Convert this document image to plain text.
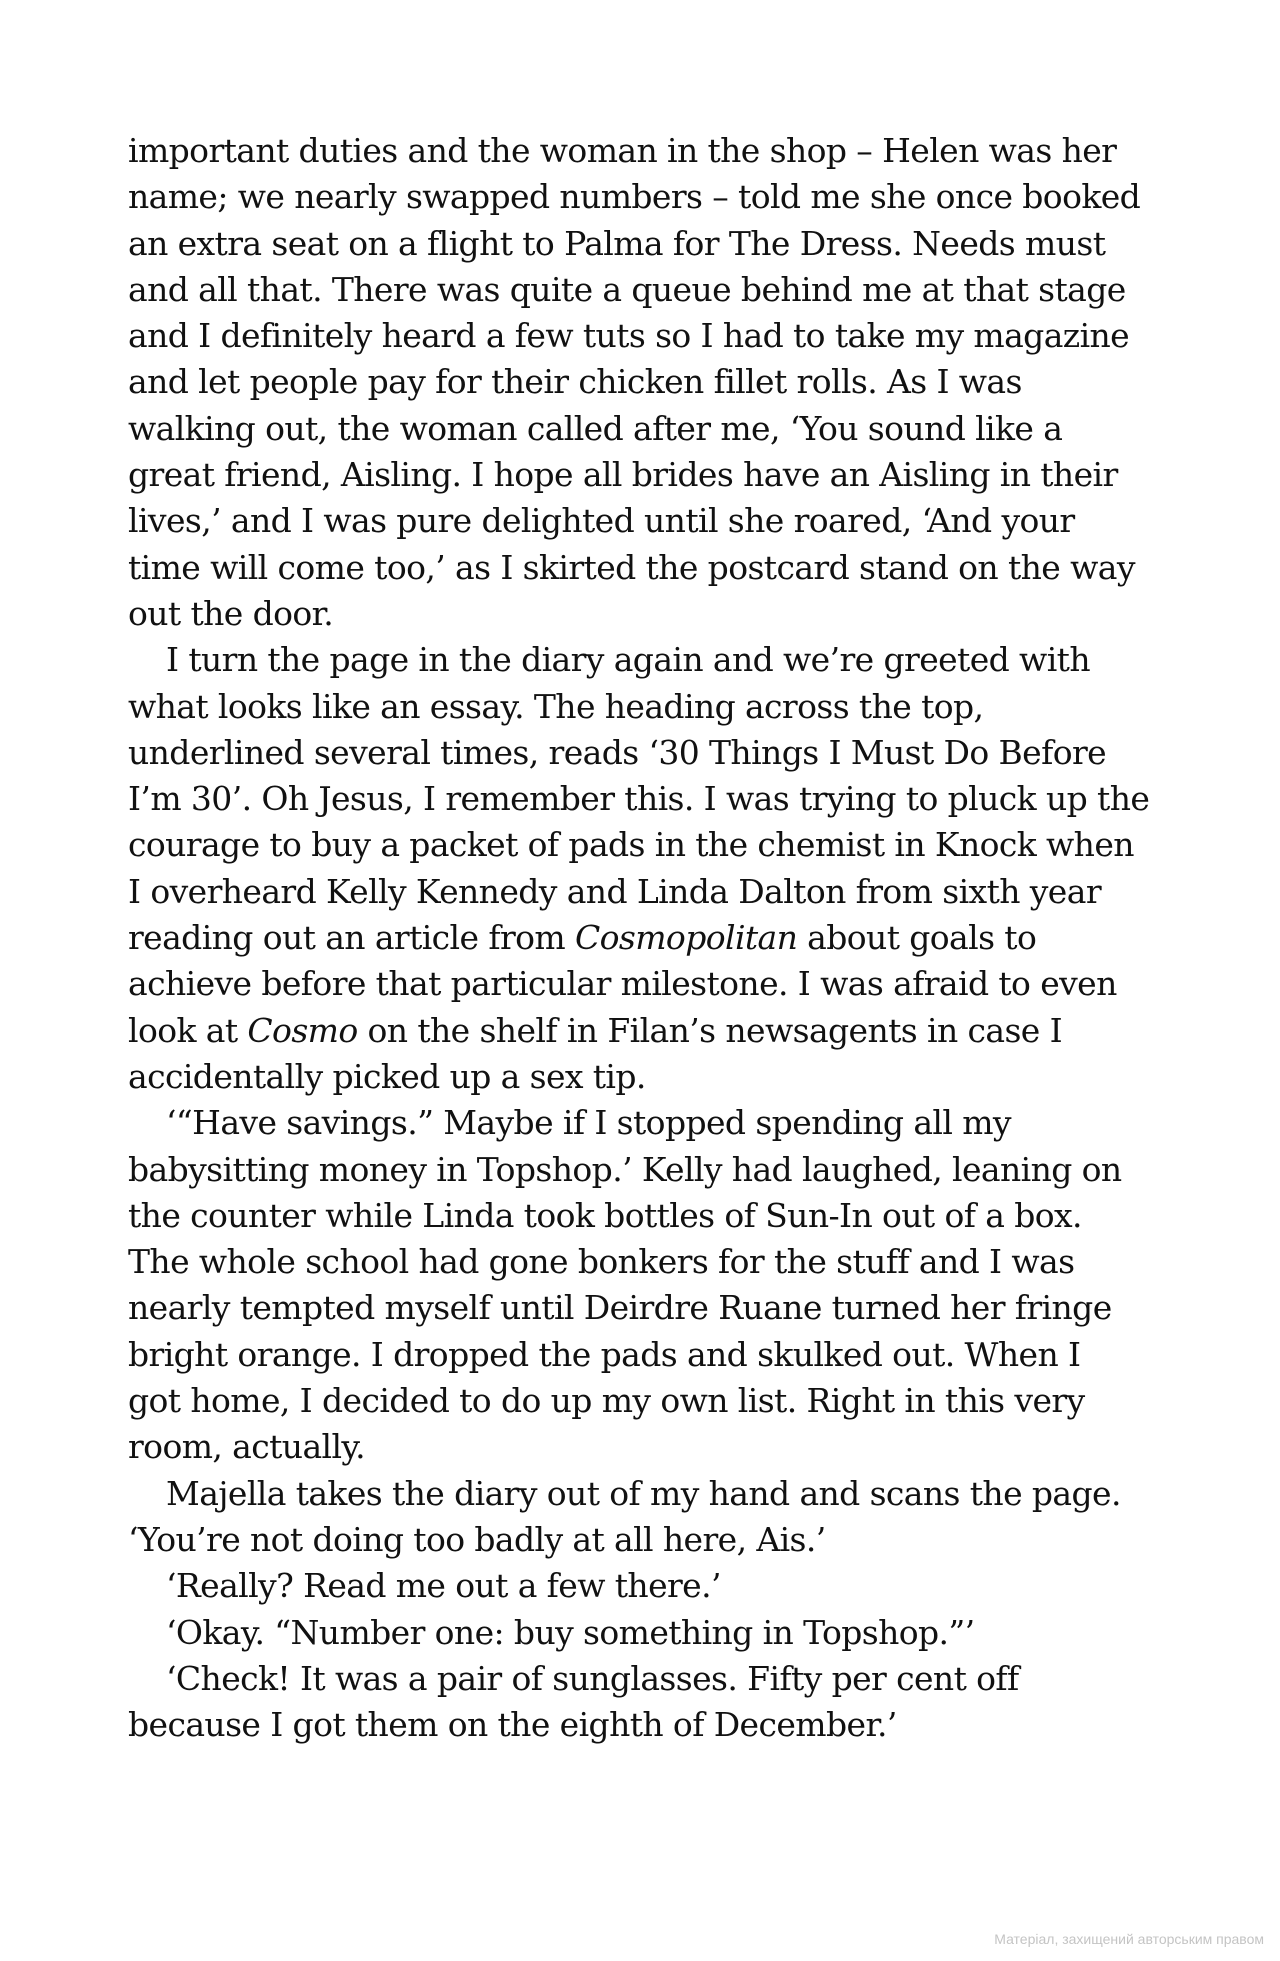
important duties and the woman in the shop – Helen was her
name; we nearly swapped numbers – told me she once booked
an extra seat on a flight to Palma for The Dress. Needs must
and all that. There was quite a queue behind me at that stage
and I definitely heard a few tuts so I had to take my magazine
and let people pay for their chicken fillet rolls. As I was
walking out, the woman called after me, ‘You sound like a
great friend, Aisling. I hope all brides have an Aisling in their
lives,’ and I was pure delighted until she roared, ‘And your
time will come too,’ as I skirted the postcard stand on the way
out the door.
I turn the page in the diary again and we’re greeted with
what looks like an essay. The heading across the top,
underlined several times, reads ‘30 Things I Must Do Before
I’m 30’. Oh Jesus, I remember this. I was trying to pluck up the
courage to buy a packet of pads in the chemist in Knock when
I overheard Kelly Kennedy and Linda Dalton from sixth year
reading out an article from Cosmopolitan about goals to
achieve before that particular milestone. I was afraid to even
look at Cosmo on the shelf in Filan’s newsagents in case I
accidentally picked up a sex tip.
‘“Have savings.” Maybe if I stopped spending all my
babysitting money in Topshop.’ Kelly had laughed, leaning on
the counter while Linda took bottles of Sun-In out of a box.
The whole school had gone bonkers for the stuff and I was
nearly tempted myself until Deirdre Ruane turned her fringe
bright orange. I dropped the pads and skulked out. When I
got home, I decided to do up my own list. Right in this very
room, actually.
Majella takes the diary out of my hand and scans the page.
‘You’re not doing too badly at all here, Ais.’
‘Really? Read me out a few there.’
‘Okay. “Number one: buy something in Topshop.”’
‘Check! It was a pair of sunglasses. Fifty per cent off
because I got them on the eighth of December.’
Матеріал, захищений авторським правом
